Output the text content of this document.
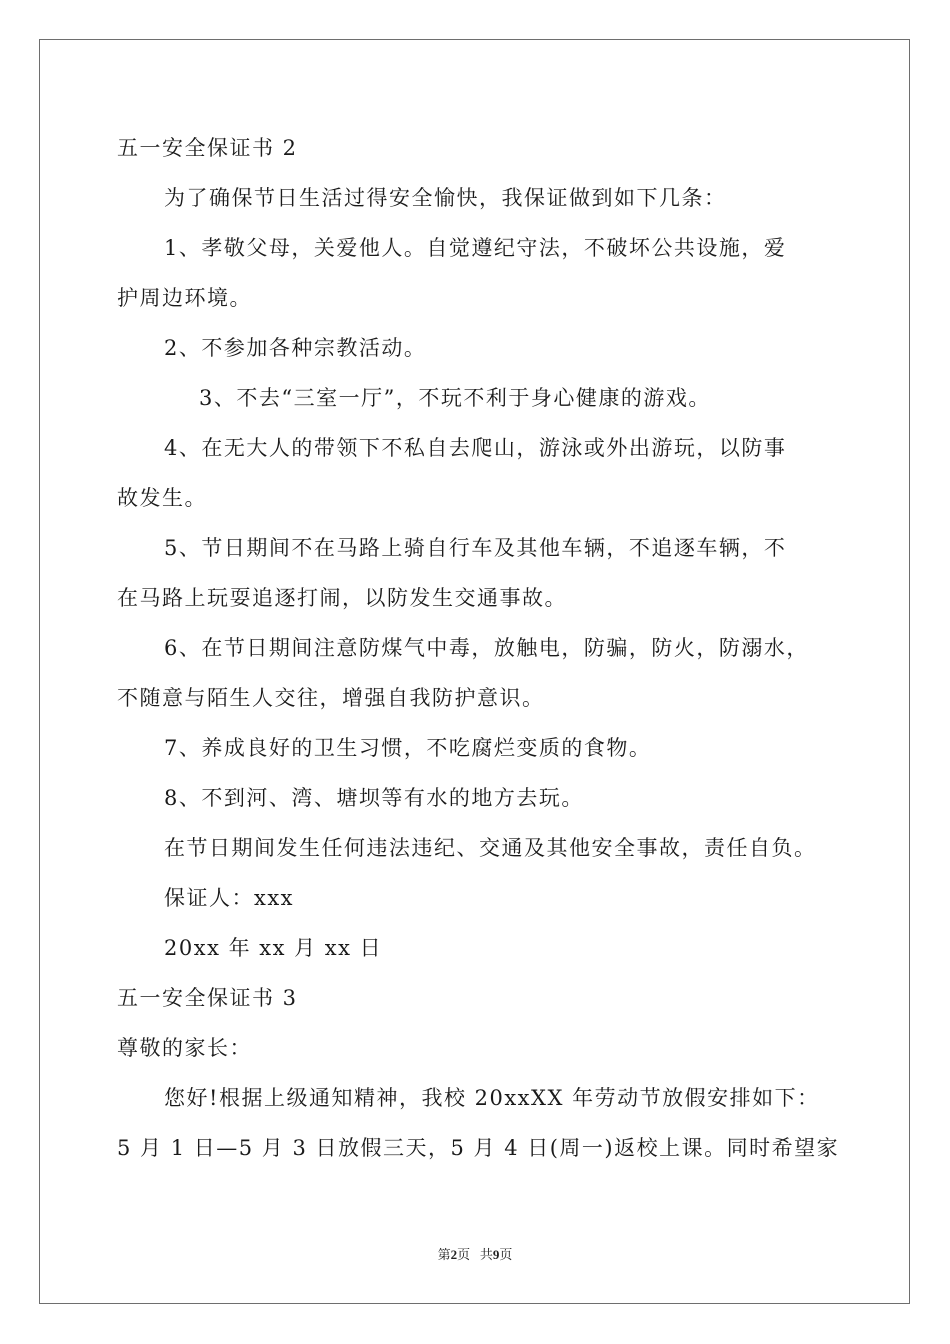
五一安全保证书 2
为了确保节日生活过得安全愉快，我保证做到如下几条：
1、孝敬父母，关爱他人。自觉遵纪守法，不破坏公共设施，爱
护周边环境。
2、不参加各种宗教活动。
3、不去“三室一厅”，不玩不利于身心健康的游戏。
4、在无大人的带领下不私自去爬山，游泳或外出游玩，以防事
故发生。
5、节日期间不在马路上骑自行车及其他车辆，不追逐车辆，不
在马路上玩耍追逐打闹，以防发生交通事故。
6、在节日期间注意防煤气中毒，放触电，防骗，防火，防溺水，
不随意与陌生人交往，增强自我防护意识。
7、养成良好的卫生习惯，不吃腐烂变质的食物。
8、不到河、湾、塘坝等有水的地方去玩。
在节日期间发生任何违法违纪、交通及其他安全事故，责任自负。
保证人：xxx
20xx 年 xx 月 xx 日
五一安全保证书 3
尊敬的家长：
您好!根据上级通知精神，我校 20xxXX 年劳动节放假安排如下：
5 月 1 日—5 月 3 日放假三天，5 月 4 日(周一)返校上课。同时希望家
第2页 共9页
